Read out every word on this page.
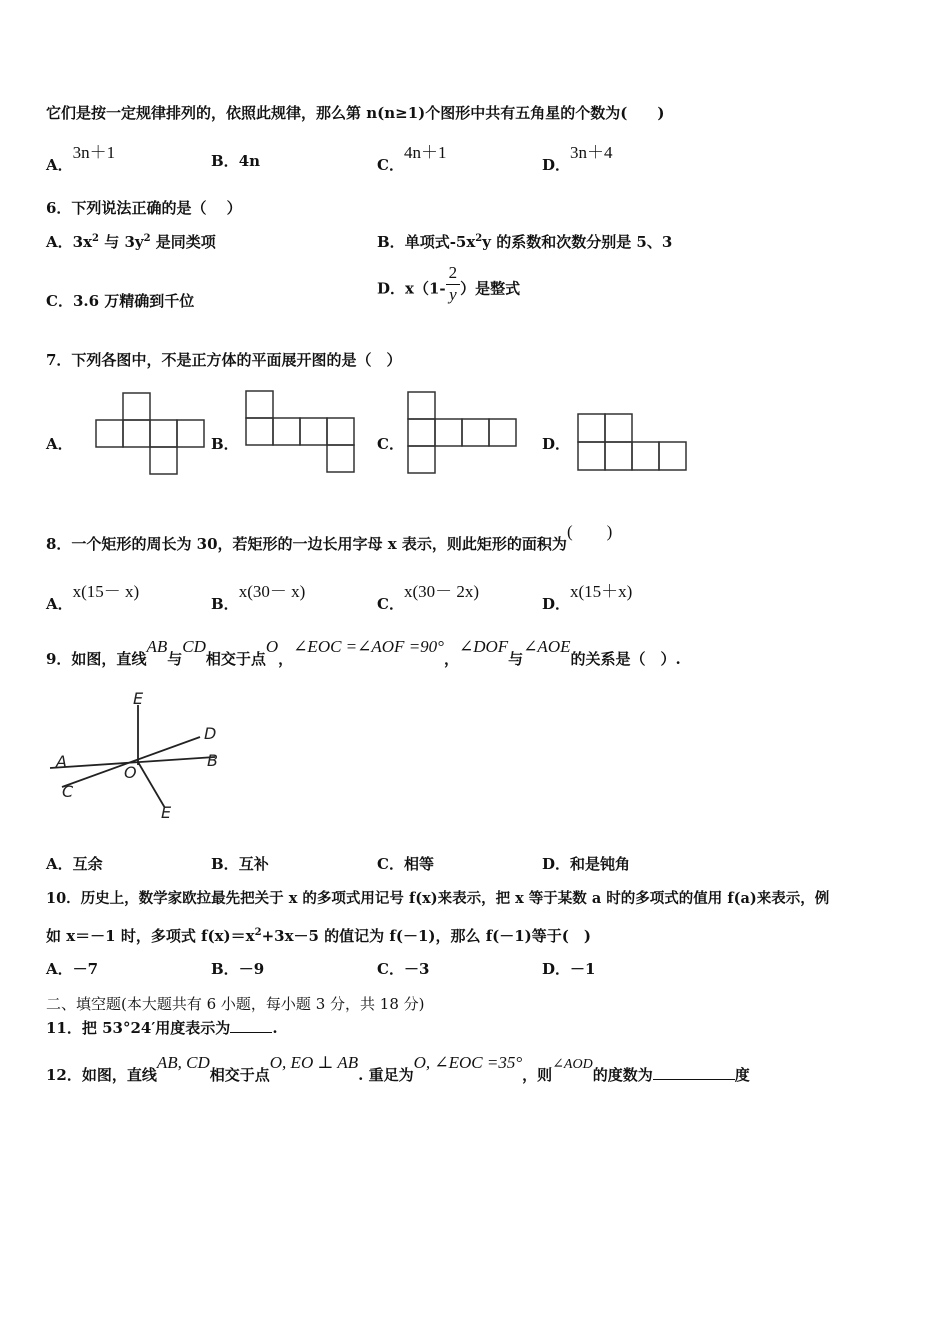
它们是按一定规律排列的，依照此规律，那么第 n(n≥1)个图形中共有五角星的个数为(　　)
A．3n＋1	B．4n	C．4n＋1
D．3n＋4
6．下列说法正确的是（　 ）
A．$3x^2$ 与 $3y^2$ 是同类项	B．单项式$-5x^2y$ 的系数和次数分别是 5、3
C．3.6 万精确到千位
D．$x(1- \frac{2}{y}$ ）是整式
7．下列各图中，不是正方体的平面展开图的是（　）
A．	B．	C．	D．
8．一个矩形的周长为 30，若矩形的一边长用字母 x 表示，则此矩形的面积为(　　)
A．x(15－ x)
B．x(30－ x)
C．x(30－ 2x)
D．x(15＋x)
9．如图，直线AB与CD相交于点O，∠EOC =∠AOF =90°，∠DOF与∠AOE的关系是（　）.
E
D
A	B
O
C
E
A．互余	B．互补	C．相等	D．和是钝角
10．历史上，数学家欧拉最先把关于 x 的多项式用记号 f(x)来表示，把 x 等于某数 a 时的多项式的值用 f(a)来表示，例
如 x＝－1 时，多项式 $f(x)=x^2+3x-5$ 的值记为 f(－1)，那么 f(－1)等于(　)
A．－7	B．－9	C．－3	D．－1
二、填空题(本大题共有 6 小题，每小题 3 分，共 18 分)
11．把 53°24′用度表示为	.
12．如图，直线AB, CD相交于点O, EO ⊥ AB. 重足为O, ∠EOC =35°，则∠AOD的度数为	度
